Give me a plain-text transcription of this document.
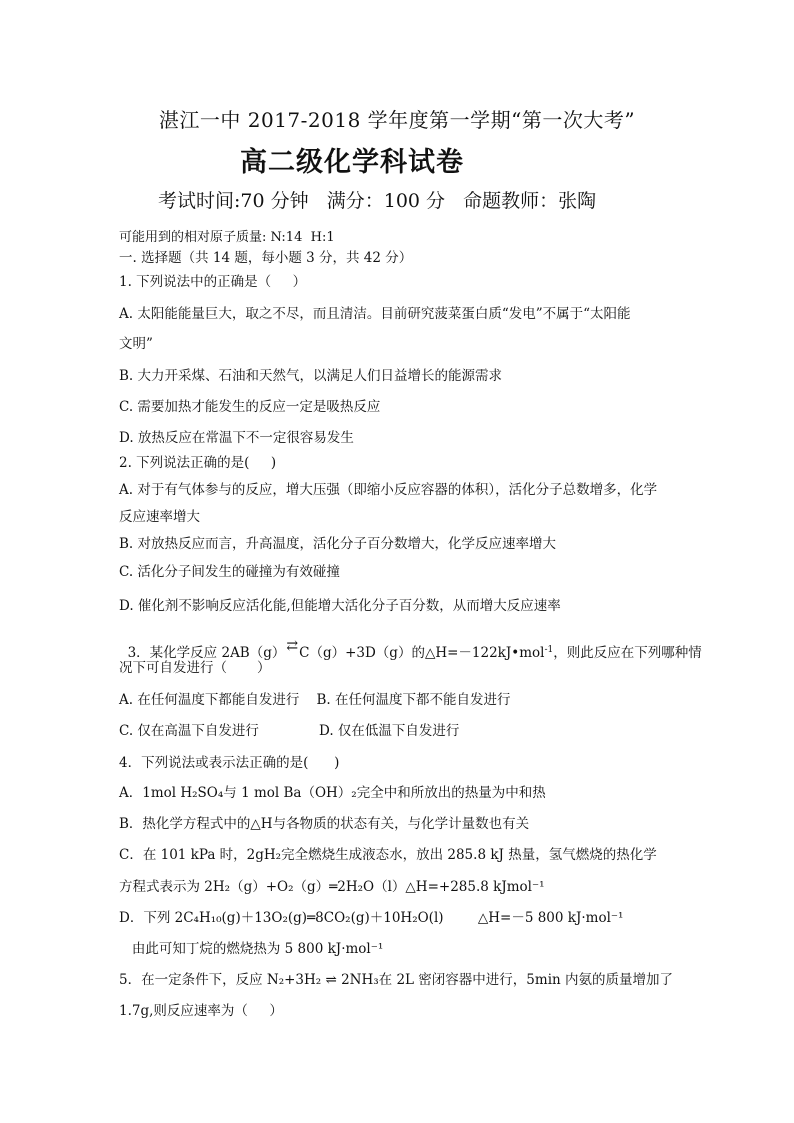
湛江一中 2017-2018 学年度第一学期“第一次大考”
高二级化学科试卷
考试时间:70 分钟   满分：100 分   命题教师：张陶
可能用到的相对原子质量: N:14  H:1
一. 选择题（共 14 题，每小题 3 分，共 42 分）
1. 下列说法中的正确是（     ）
A. 太阳能能量巨大，取之不尽，而且清洁。目前研究菠菜蛋白质“发电”不属于“太阳能
文明”
B. 大力开采煤、石油和天然气，以满足人们日益增长的能源需求
C. 需要加热才能发生的反应一定是吸热反应
D. 放热反应在常温下不一定很容易发生
2. 下列说法正确的是(     )
A. 对于有气体参与的反应，增大压强（即缩小反应容器的体积），活化分子总数增多，化学
反应速率增大
B. 对放热反应而言，升高温度，活化分子百分数增大，化学反应速率增大
C. 活化分子间发生的碰撞为有效碰撞
D. 催化剂不影响反应活化能,但能增大活化分子百分数，从而增大反应速率

3．某化学反应 2AB（g）⇄C（g）+3D（g）的△H=－122kJ•mol$^{-1}$，则此反应在下列哪种情

况下可自发进行（       ）
A. 在任何温度下都能自发进行    B. 在任何温度下都不能自发进行
C. 仅在高温下自发进行              D. 仅在低温下自发进行
4．下列说法或表示法正确的是(      )
A．1mol H₂SO₄与 1 mol Ba（OH）₂完全中和所放出的热量为中和热
B．热化学方程式中的△H与各物质的状态有关，与化学计量数也有关
C．在 101 kPa 时，2gH₂完全燃烧生成液态水，放出 285.8 kJ 热量，氢气燃烧的热化学
方程式表示为 2H₂（g）+O₂（g）═2H₂O（l）△H=+285.8 kJmol⁻¹
D．下列 2C₄H₁₀(g)＋13O₂(g)═8CO₂(g)＋10H₂O(l)        △H=－5 800 kJ·mol⁻¹
由此可知丁烷的燃烧热为 5 800 kJ·mol⁻¹
5．在一定条件下，反应 N₂+3H₂ ⇌ 2NH₃在 2L 密闭容器中进行，5min 内氨的质量增加了
1.7g,则反应速率为（     ）
